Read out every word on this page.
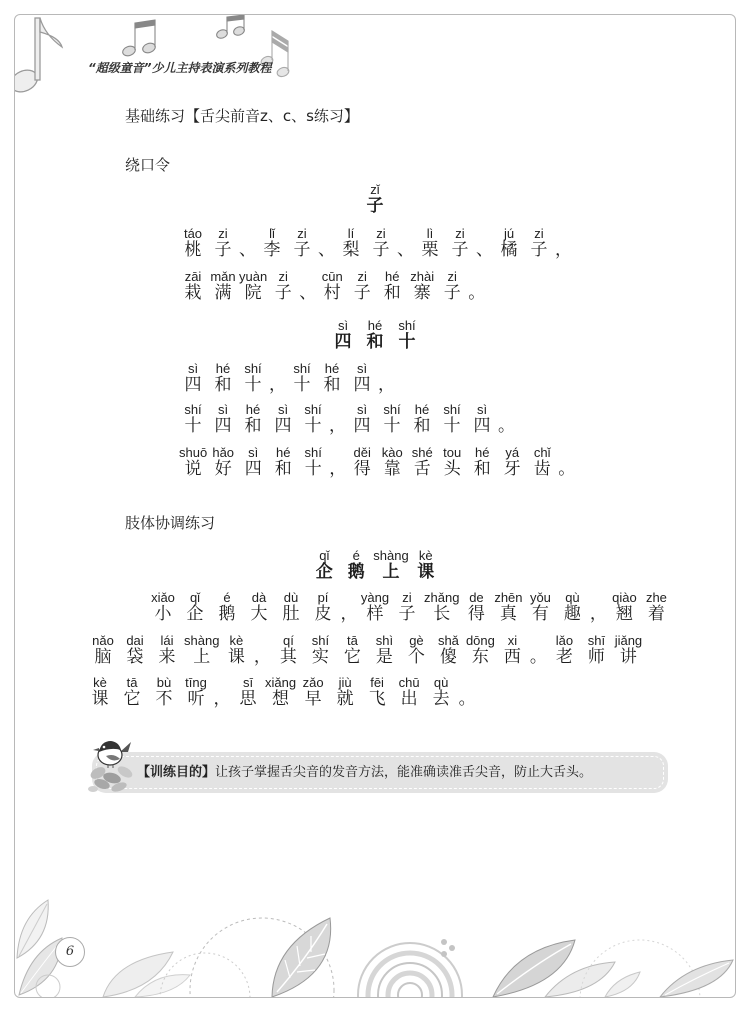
“超级童音”少儿主持表演系列教程
基础练习【舌尖前音z、c、s练习】
绕口令
zǐ
子
táo
桃
zi
子 、
lǐ
李
zi
子 、
lí
梨
zi
子 、
lì
栗
zi
子 、
jú
橘
zi
子 ，
zāi
栽
mǎn
满
yuàn
院
zi
子 、
cūn
村
zi
子
hé
和
zhài
寨
zi
子 。
sì
四
hé
和
shí
十
sì
四
hé
和
shí
十 ，
shí
十
hé
和
sì
四 ，
shí
十
sì
四
hé
和
sì
四
shí
十 ，
sì
四
shí
十
hé
和
shí
十
sì
四 。
shuō
说
hǎo
好
sì
四
hé
和
shí
十 ，
děi
得
kào
靠
shé
舌
tou
头
hé
和
yá
牙
chǐ
齿 。
肢体协调练习
qǐ
企
é
鹅
shàng
上
kè
课
xiǎo
小
qǐ
企
é
鹅
dà
大
dù
肚
pí
皮 ，
yàng
样
zi
子
zhǎng
长
de
得
zhēn
真
yǒu
有
qù
趣 ，
qiào
翘
zhe
着
nǎo
脑
dai
袋
lái
来
shàng
上
kè
课 ，
qí
其
shí
实
tā
它
shì
是
gè
个
shǎ
傻
dōng
东
xi
西 。
lǎo
老
shī
师
jiǎng
讲
kè
课
tā
它
bù
不
tīng
听 ，
sī
思
xiǎng
想
zǎo
早
jiù
就
fēi
飞
chū
出
qù
去 。
【训练目的】让孩子掌握舌尖音的发音方法，能准确读准舌尖音，防止大舌头。
6
